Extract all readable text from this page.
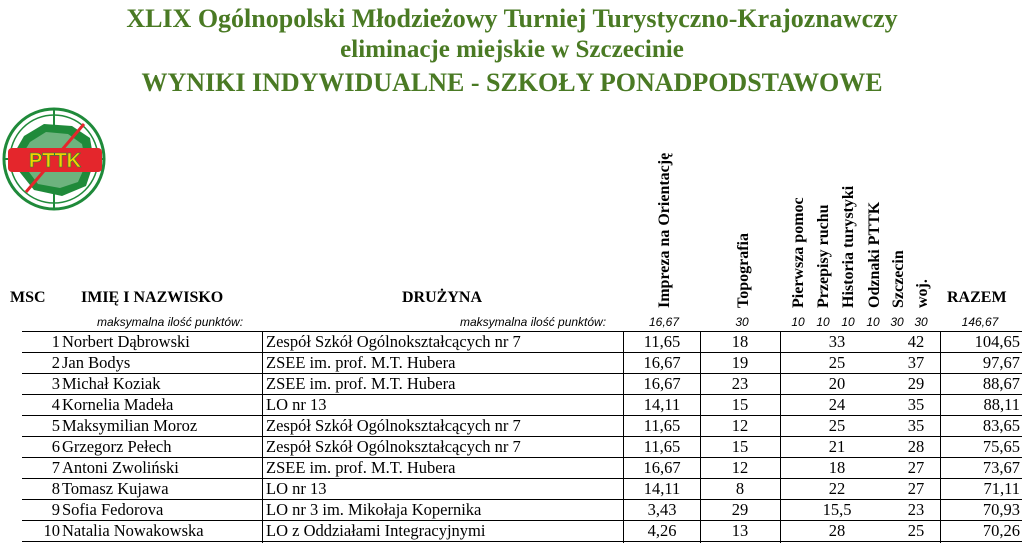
XLIX Ogólnopolski Młodzieżowy Turniej Turystyczno-Krajoznawczy
eliminacje miejskie w Szczecinie
WYNIKI INDYWIDUALNE - SZKOŁY PONADPODSTAWOWE
PTTK
MSC IMIĘ I NAZWISKO	DRUŻYNA	RAZEM
Impreza na Orientację	Topografia Pierwsza pomoc Przepisy ruchu Historia turystyki Odznaki PTTK Szczecin woj.
maksymalna ilość punktów:	maksymalna ilość punktów:	16,67	30	10 10 10 10 30 30	146,67
1 Norbert Dąbrowski	Zespół Szkół Ogólnokształcących nr 7	11,65	18	33	42	104,65
2 Jan Bodys	ZSEE im. prof. M.T. Hubera	16,67	19	25	37	97,67
3 Michał Koziak	ZSEE im. prof. M.T. Hubera	16,67	23	20	29	88,67
4 Kornelia Madeła	LO nr 13	14,11	15	24	35	88,11
5 Maksymilian Moroz	Zespół Szkół Ogólnokształcących nr 7	11,65	12	25	35	83,65
6 Grzegorz Pełech	Zespół Szkół Ogólnokształcących nr 7	11,65	15	21	28	75,65
7 Antoni Zwoliński	ZSEE im. prof. M.T. Hubera	16,67	12	18	27	73,67
8 Tomasz Kujawa	LO nr 13	14,11	8	22	27	71,11
9 Sofia Fedorova	LO nr 3 im. Mikołaja Kopernika	3,43	29	15,5	23	70,93
10 Natalia Nowakowska	LO z Oddziałami Integracyjnymi	4,26	13	28	25	70,26
